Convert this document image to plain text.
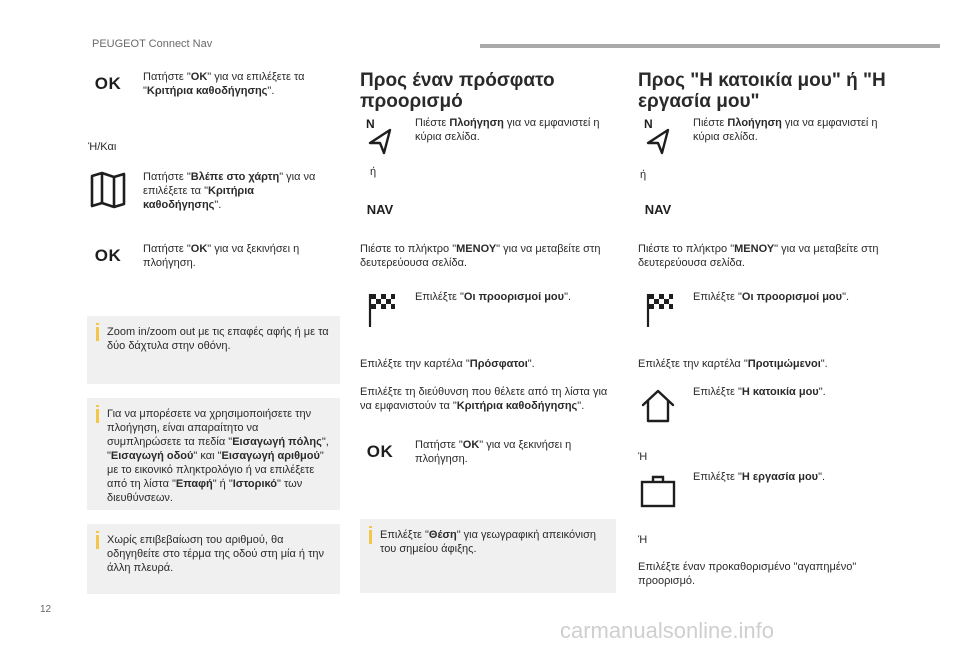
PEUGEOT Connect Nav
OK	Πατήστε "OK" για να επιλέξετε τα "Κριτήρια καθοδήγησης".
Ή/Και
Πατήστε "Βλέπε στο χάρτη" για να επιλέξετε τα "Κριτήρια καθοδήγησης".
OK	Πατήστε "OK" για να ξεκινήσει η πλοήγηση.
Zoom in/zoom out με τις επαφές αφής ή με τα δύο δάχτυλα στην οθόνη.
Για να μπορέσετε να χρησιμοποιήσετε την πλοήγηση, είναι απαραίτητο να συμπληρώσετε τα πεδία "Εισαγωγή πόλης", "Εισαγωγή οδού" και "Εισαγωγή αριθμού" με το εικονικό πληκτρολόγιο ή να επιλέξετε από τη λίστα "Επαφή" ή "Ιστορικό" των διευθύνσεων.
Χωρίς επιβεβαίωση του αριθμού, θα οδηγηθείτε στο τέρμα της οδού στη μία ή την άλλη πλευρά.
Προς έναν πρόσφατο προορισμό
N	Πιέστε Πλοήγηση για να εμφανιστεί η κύρια σελίδα.
ή
NAV
Πιέστε το πλήκτρο "ΜΕΝΟΥ" για να μεταβείτε στη δευτερεύουσα σελίδα.
Επιλέξτε "Οι προορισμοί μου".
Επιλέξτε την καρτέλα "Πρόσφατοι".
Επιλέξτε τη διεύθυνση που θέλετε από τη λίστα για να εμφανιστούν τα "Κριτήρια καθοδήγησης".
OK	Πατήστε "OK" για να ξεκινήσει η πλοήγηση.
Επιλέξτε "Θέση" για γεωγραφική απεικόνιση του σημείου άφιξης.
Προς "Η κατοικία μου" ή "Η εργασία μου"
N	Πιέστε Πλοήγηση για να εμφανιστεί η κύρια σελίδα.
ή
NAV
Πιέστε το πλήκτρο "ΜΕΝΟΥ" για να μεταβείτε στη δευτερεύουσα σελίδα.
Επιλέξτε "Οι προορισμοί μου".
Επιλέξτε την καρτέλα "Προτιμώμενοι".
Επιλέξτε "Η κατοικία μου".
Ή
Επιλέξτε "Η εργασία μου".
Ή
Επιλέξτε έναν προκαθορισμένο "αγαπημένο" προορισμό.
12
carmanualsonline.info
